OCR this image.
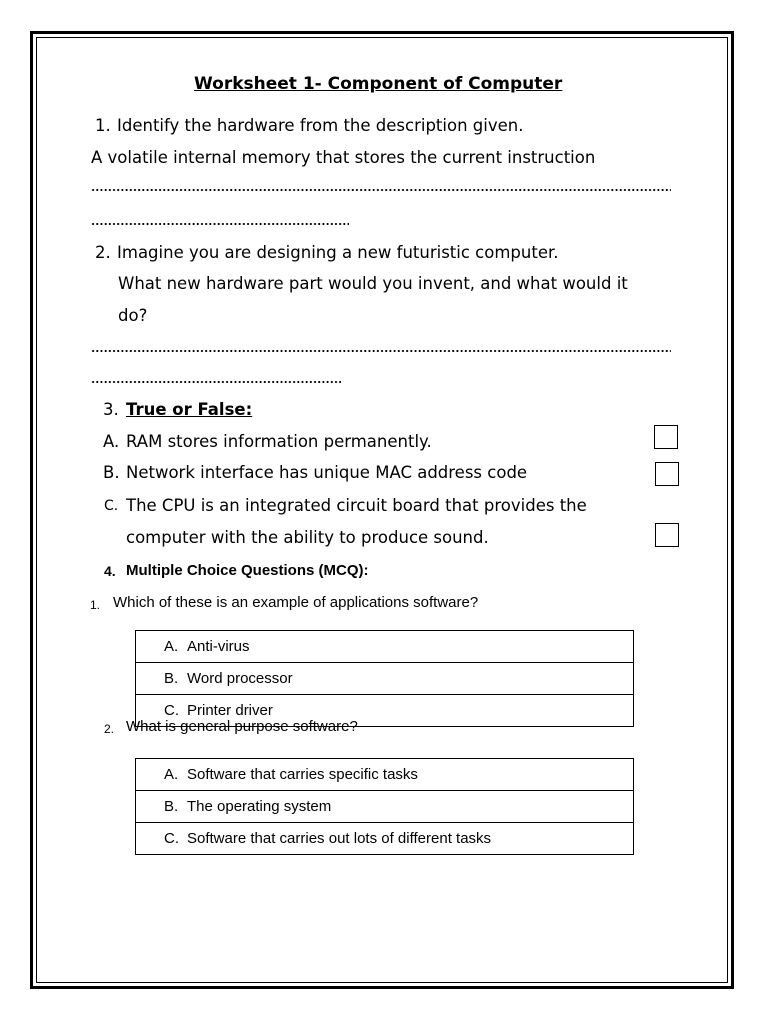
Worksheet 1- Component of Computer
1. Identify the hardware from the description given.
A volatile internal memory that stores the current instruction
2. Imagine you are designing a new futuristic computer.
What new hardware part would you invent, and what would it
do?
3. True or False:
A. RAM stores information permanently.
B. Network interface has unique MAC address code
C. The CPU is an integrated circuit board that provides the
computer with the ability to produce sound.
4. Multiple Choice Questions (MCQ):
1. Which of these is an example of applications software?
A. Anti-virus
B. Word processor
C. Printer driver
2. What is general purpose software?
A. Software that carries specific tasks
B. The operating system
C. Software that carries out lots of different tasks
